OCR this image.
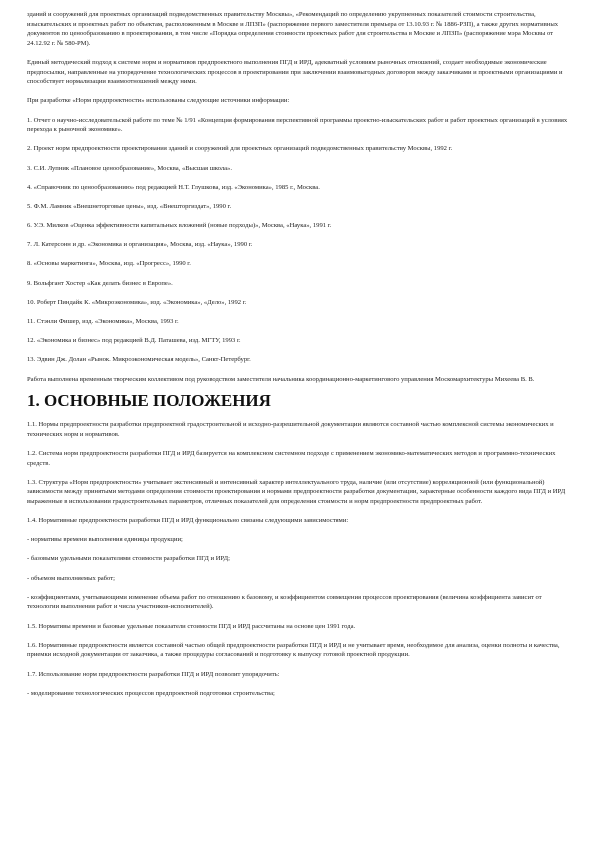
зданий и сооружений для проектных организаций подведомственных правительству Москвы», «Рекомендаций по определению укрупненных показателей стоимости строительства, изыскательских и проектных работ по объектам, расположенным в Москве и ЛПЗП» (распоряжение первого заместителя премьера от 13.10.93 г. № 1886-РЗП), а также других нормативных документов по ценообразованию в проектировании, в том числе «Порядка определения стоимости проектных работ для строительства в Москве и ЛПЗП» (распоряжение мэра Москвы от 24.12.92 г. № 580-РМ).

Единый методический подход к системе норм и нормативов предпроектного выполнения ПГД и ИРД, адекватный условиям рыночных отношений, создает необходимые экономические предпосылки, направленные на упорядочение технологических процессов в проектировании при заключении взаимовыгодных договоров между заказчиками и проектными организациями и способствует нормализации взаимоотношений между ними.

При разработке «Норм предпроектности» использованы следующие источники информации:

1. Отчет о научно-исследовательской работе по теме № 1/91 «Концепция формирования перспективной программы проектно-изыскательских работ и работ проектных организаций в условиях перехода к рыночной экономике».

2. Проект норм предпроектности проектирования зданий и сооружений для проектных организаций подведомственных правительству Москвы, 1992 г.

3. С.И. Лупник «Плановое ценообразование», Москва, «Высшая школа».

4. «Справочник по ценообразованию» под редакцией Н.Т. Глушкова, изд. «Экономика», 1985 г., Москва.

5. Ф.М. Ламник «Внешнеторговые цены», изд. «Внешторгиздат», 1990 г.

6. У.Э. Милков «Оценка эффективности капитальных вложений (новые подходы)», Москва, «Наука», 1991 г.

7. Л. Катерсонн и др. «Экономика и организация», Москва, изд. «Наука», 1990 г.

8. «Основы маркетинга», Москва, изд. «Прогресс», 1990 г.

9. Вольфгант Хостер «Как делать бизнес в Европе».

10. Роберт Пиндайк К. «Микроэкономика», изд. «Экономика», «Дело», 1992 г.

11. Стэнли Фишер, изд. «Экономика», Москва, 1993 г.

12. «Экономика и бизнес» под редакцией В.Д. Паташева, изд. МГТУ, 1993 г.

13. Эдвин Дж. Долан «Рынок. Микроэкономическая модель», Санкт-Петербург.

Работа выполнена временным творческим коллективом под руководством заместителя начальника координационно-маркетингового управления Москомархитектуры Михеева В. В.

1. ОСНОВНЫЕ ПОЛОЖЕНИЯ

1.1. Нормы предпроектности разработки предпроектной градостроительной и исходно-разрешительной документации являются составной частью комплексной системы экономических и технических норм и нормативов.

1.2. Система норм предпроектности разработки ПГД и ИРД базируется на комплексном системном подходе с применением экономико-математических методов и программно-технических средств.

1.3. Структура «Норм предпроектности» учитывает экстенсивный и интенсивный характер интеллектуального труда, наличие (или отсутствие) корреляционной (или функциональной) зависимости между принятыми методами определения стоимости проектирования и нормами предпроектности разработки документации, характерные особенности каждого вида ПГД и ИРД выраженные в использовании градостроительных параметров, отличных показателей для определения стоимости и норм предпроектности предпроектных работ.

1.4. Нормативные предпроектности разработки ПГД и ИРД функционально связаны следующими зависимостями:

- нормативы времени выполнения единицы продукции;

- базовыми удельными показателями стоимости разработки ПГД и ИРД;

- объемом выполняемых работ;

- коэффициентами, учитывающими изменение объема работ по отношению к базовому, и коэффициентом совмещения процессов проектирования (величина коэффициента зависит от технологии выполнения работ и числа участников-исполнителей).

1.5. Нормативы времени и базовые удельные показатели стоимости ПГД и ИРД рассчитаны на основе цен 1991 года.

1.6. Нормативные предпроектности является составной частью общей предпроектности разработки ПГД и ИРД и не учитывает время, необходимое для анализа, оценки полноты и качества, приемки исходной документации от заказчика, а также процедуры согласований и подготовку к выпуску готовой проектной продукции.

1.7. Использование норм предпроектности разработки ПГД и ИРД позволит упорядочить:

- моделирование технологических процессов предпроектной подготовки строительства;
